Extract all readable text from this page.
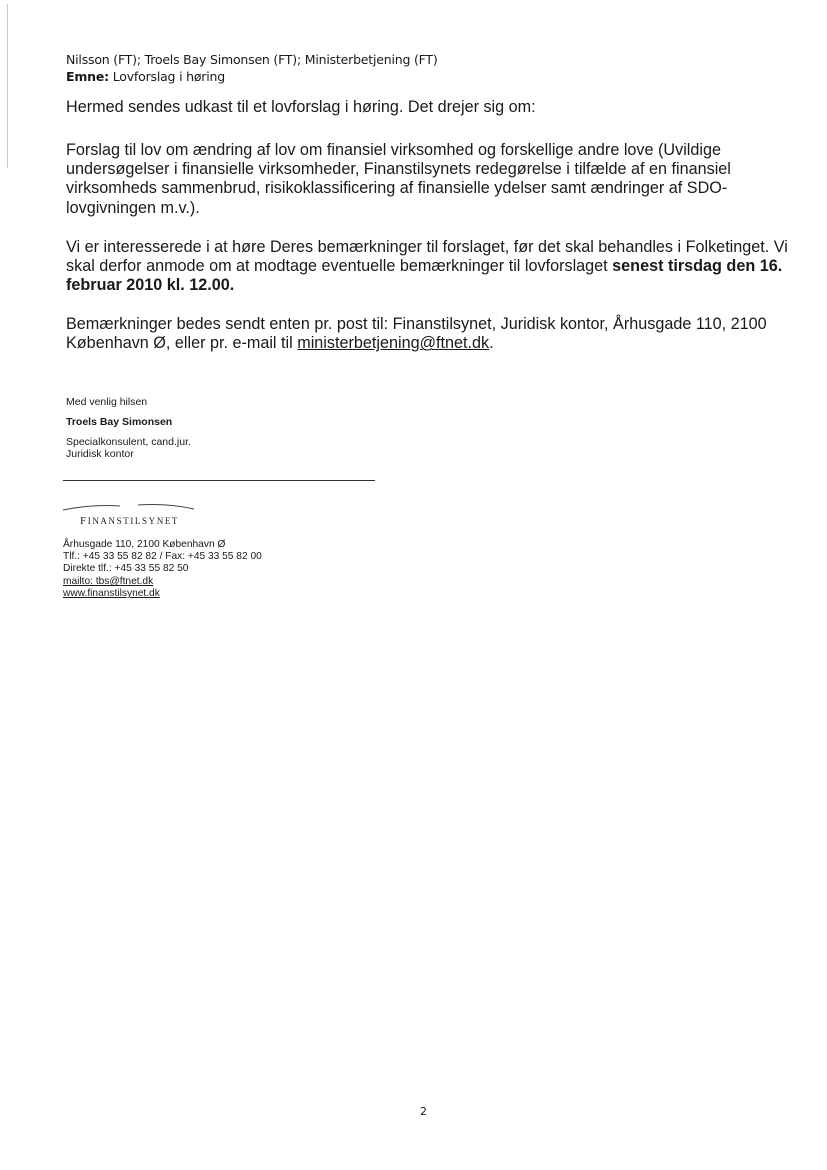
Nilsson (FT); Troels Bay Simonsen (FT); Ministerbetjening (FT)
Emne: Lovforslag i høring

Hermed sendes udkast til et lovforslag i høring. Det drejer sig om:

Forslag til lov om ændring af lov om finansiel virksomhed og forskellige andre love (Uvildige undersøgelser i finansielle virksomheder, Finanstilsynets redegørelse i tilfælde af en finansiel virksomheds sammenbrud, risikoklassificering af finansielle ydelser samt ændringer af SDO-lovgivningen m.v.).

Vi er interesserede i at høre Deres bemærkninger til forslaget, før det skal behandles i Folketinget. Vi skal derfor anmode om at modtage eventuelle bemærkninger til lovforslaget senest tirsdag den 16. februar 2010 kl. 12.00.

Bemærkninger bedes sendt enten pr. post til: Finanstilsynet, Juridisk kontor, Århusgade 110, 2100 København Ø, eller pr. e-mail til ministerbetjening@ftnet.dk.

Med venlig hilsen
Troels Bay Simonsen
Specialkonsulent, cand.jur.
Juridisk kontor
FINANSTILSYNET
Århusgade 110, 2100 København Ø
Tlf.: +45 33 55 82 82 / Fax: +45 33 55 82 00
Direkte tlf.: +45 33 55 82 50
mailto: tbs@ftnet.dk
www.finanstilsynet.dk
2
